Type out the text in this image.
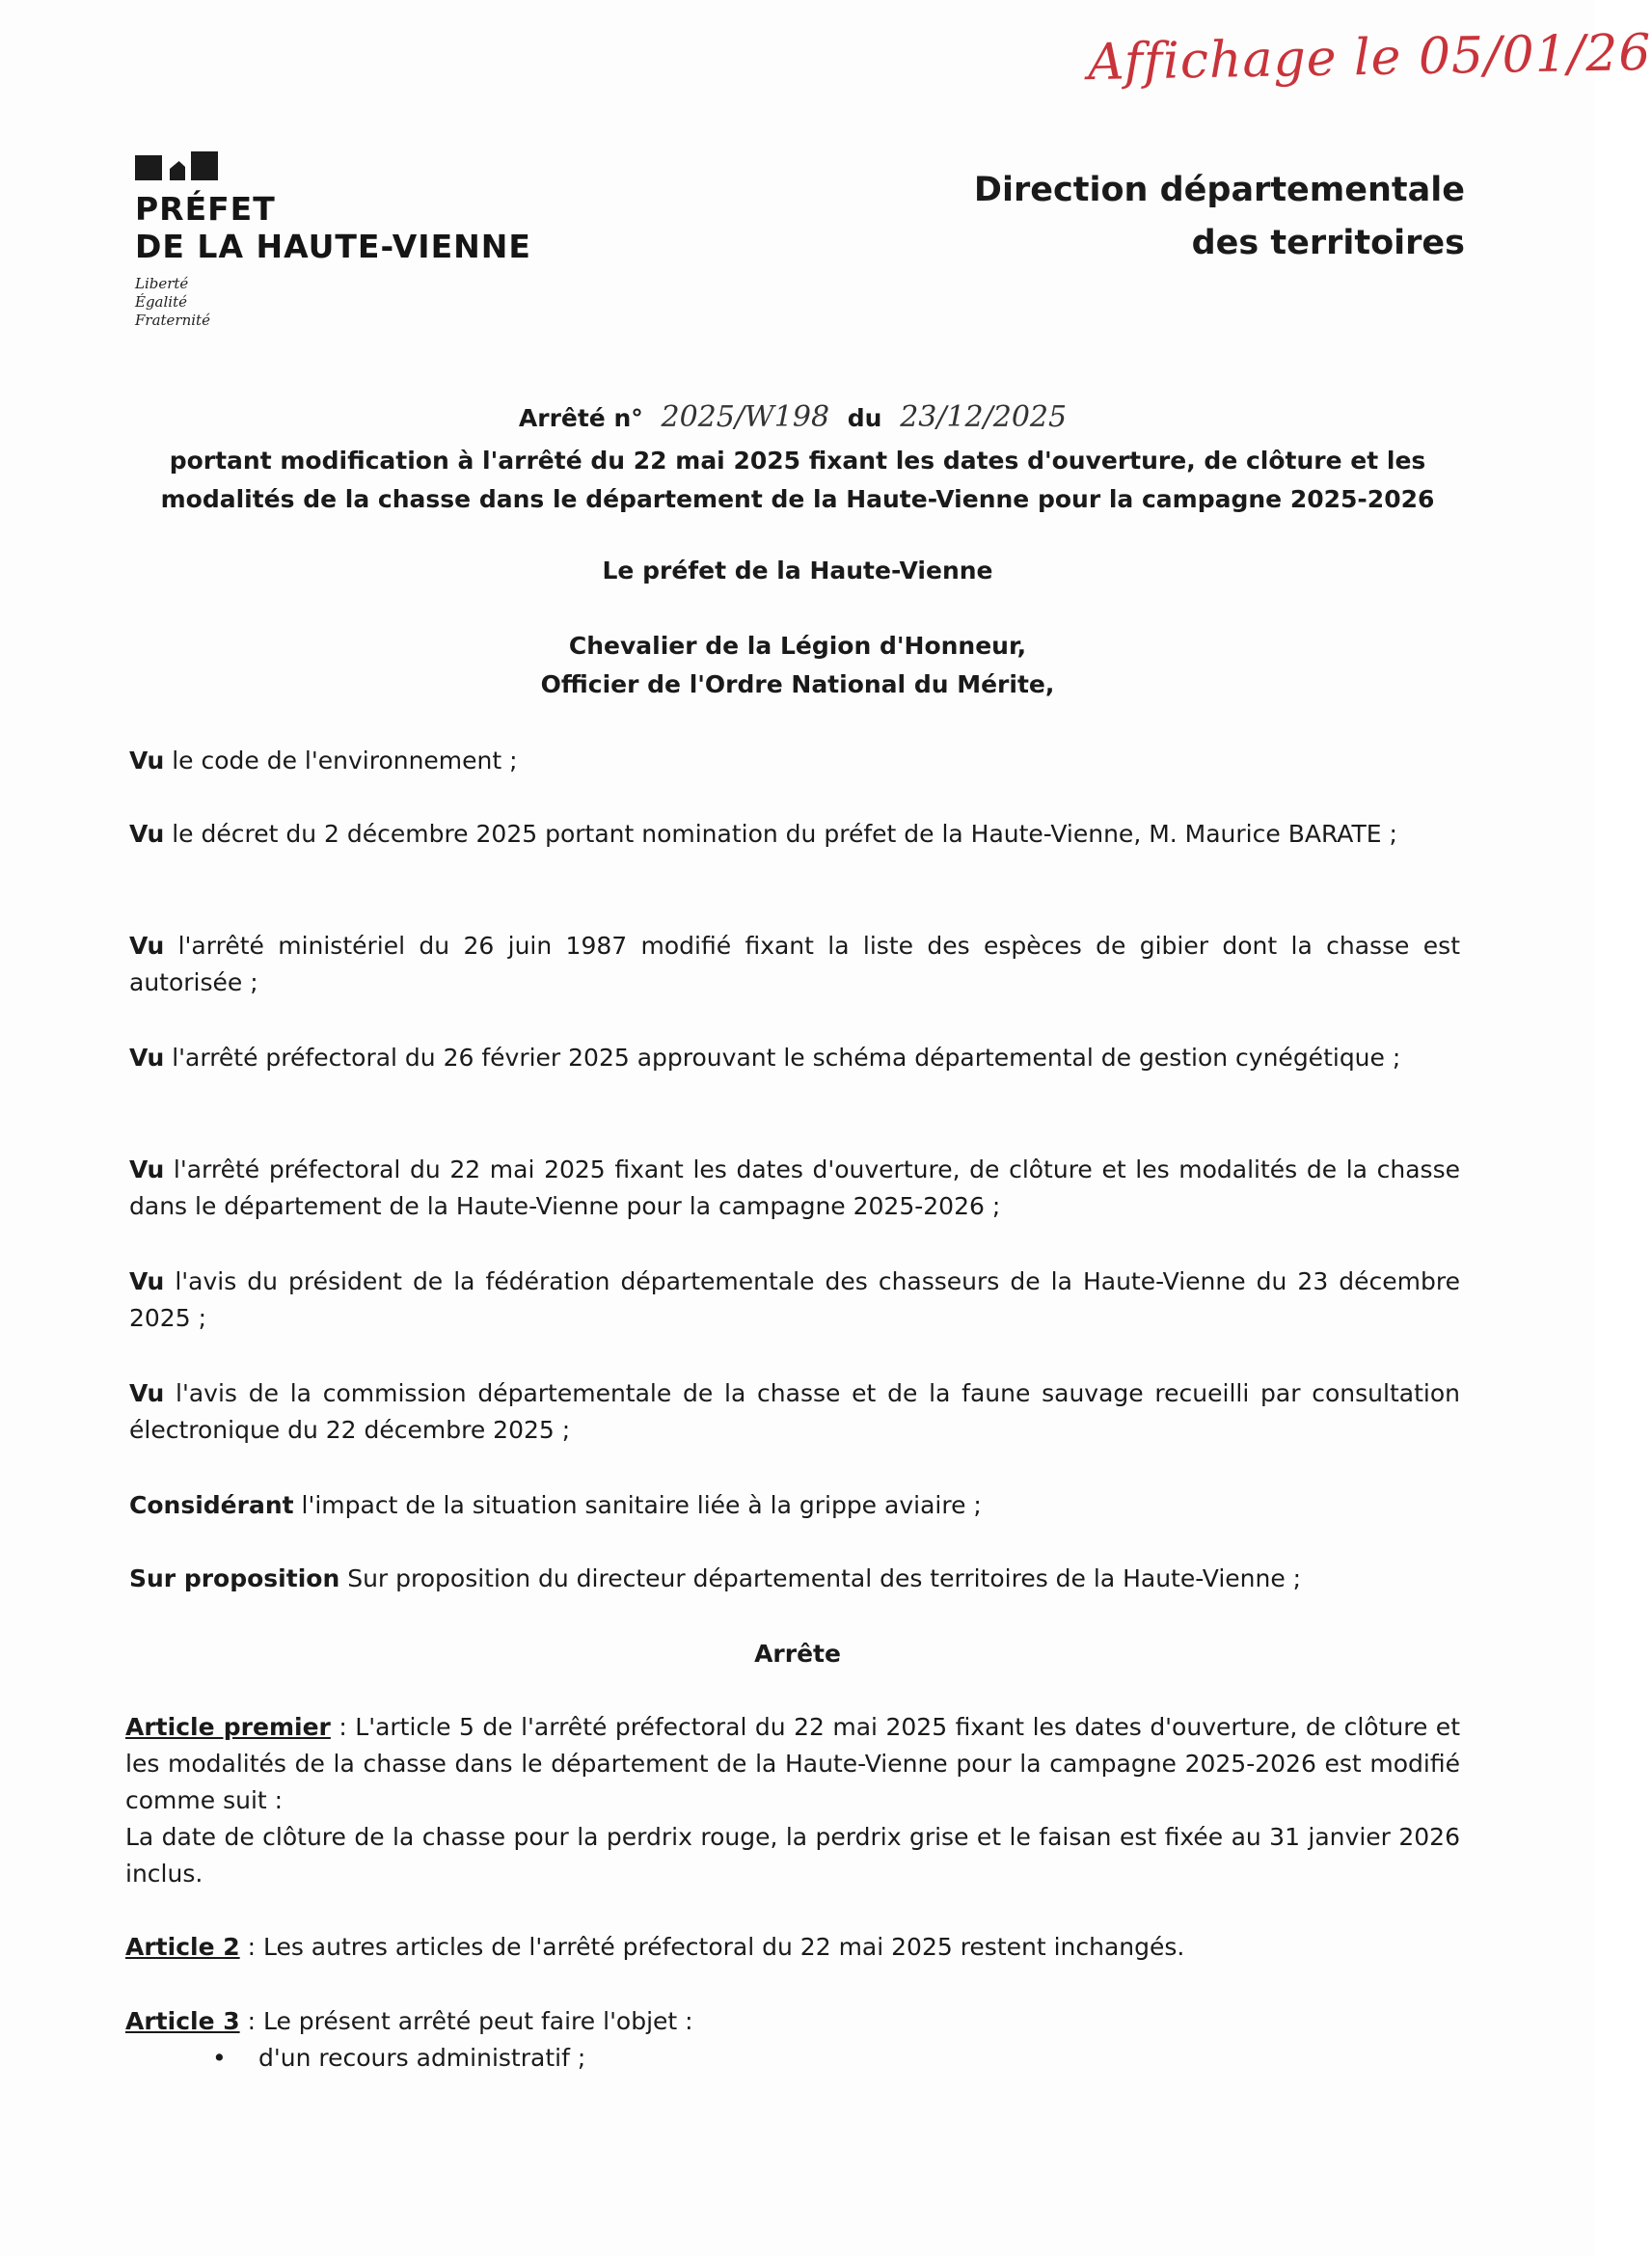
Affichage le 05/01/26
PRÉFET
DE LA HAUTE-VIENNE
Liberté
Égalité
Fraternité
Direction départementale
des territoires
Arrêté n° 2025/W198 du 23/12/2025
portant modification à l'arrêté du 22 mai 2025 fixant les dates d'ouverture, de clôture et les modalités de la chasse dans le département de la Haute-Vienne pour la campagne 2025-2026
Le préfet de la Haute-Vienne
Chevalier de la Légion d'Honneur,
Officier de l'Ordre National du Mérite,
Vu le code de l'environnement ;
Vu le décret du 2 décembre 2025 portant nomination du préfet de la Haute-Vienne, M. Maurice BARATE ;
Vu l'arrêté ministériel du 26 juin 1987 modifié fixant la liste des espèces de gibier dont la chasse est autorisée ;
Vu l'arrêté préfectoral du 26 février 2025 approuvant le schéma départemental de gestion cynégétique ;
Vu l'arrêté préfectoral du 22 mai 2025 fixant les dates d'ouverture, de clôture et les modalités de la chasse dans le département de la Haute-Vienne pour la campagne 2025-2026 ;
Vu l'avis du président de la fédération départementale des chasseurs de la Haute-Vienne du 23 décembre 2025 ;
Vu l'avis de la commission départementale de la chasse et de la faune sauvage recueilli par consultation électronique du 22 décembre 2025 ;
Considérant l'impact de la situation sanitaire liée à la grippe aviaire ;
Sur proposition Sur proposition du directeur départemental des territoires de la Haute-Vienne ;
Arrête
Article premier : L'article 5 de l'arrêté préfectoral du 22 mai 2025 fixant les dates d'ouverture, de clôture et les modalités de la chasse dans le département de la Haute-Vienne pour la campagne 2025-2026 est modifié comme suit :
La date de clôture de la chasse pour la perdrix rouge, la perdrix grise et le faisan est fixée au 31 janvier 2026 inclus.
Article 2 : Les autres articles de l'arrêté préfectoral du 22 mai 2025 restent inchangés.
Article 3 : Le présent arrêté peut faire l'objet :
• d'un recours administratif ;
